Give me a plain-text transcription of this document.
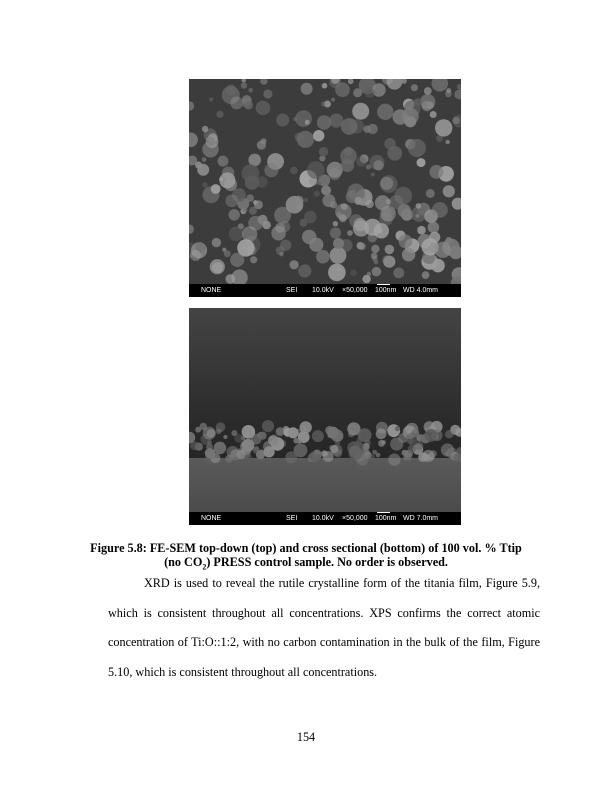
NONE	SEI 10.0kV ×50,000 100nm WD 4.0mm
NONE	SEI 10.0kV ×50,000 100nm WD 7.0mm
Figure 5.8: FE-SEM top-down (top) and cross sectional (bottom) of 100 vol. % Ttip
(no $CO_2$) PRESS control sample. No order is observed.
XRD is used to reveal the rutile crystalline form of the titania film, Figure 5.9, which is consistent throughout all concentrations. XPS confirms the correct atomic concentration of Ti:O::1:2, with no carbon contamination in the bulk of the film, Figure 5.10, which is consistent throughout all concentrations.
154
